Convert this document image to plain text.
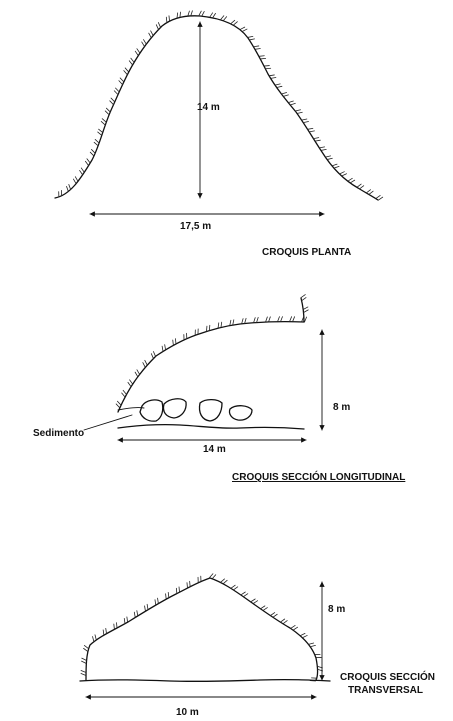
14 m
17,5 m
CROQUIS PLANTA
Sedimento
8 m
14 m
CROQUIS SECCIÓN LONGITUDINAL
8 m
10 m
CROQUIS SECCIÓN
TRANSVERSAL
